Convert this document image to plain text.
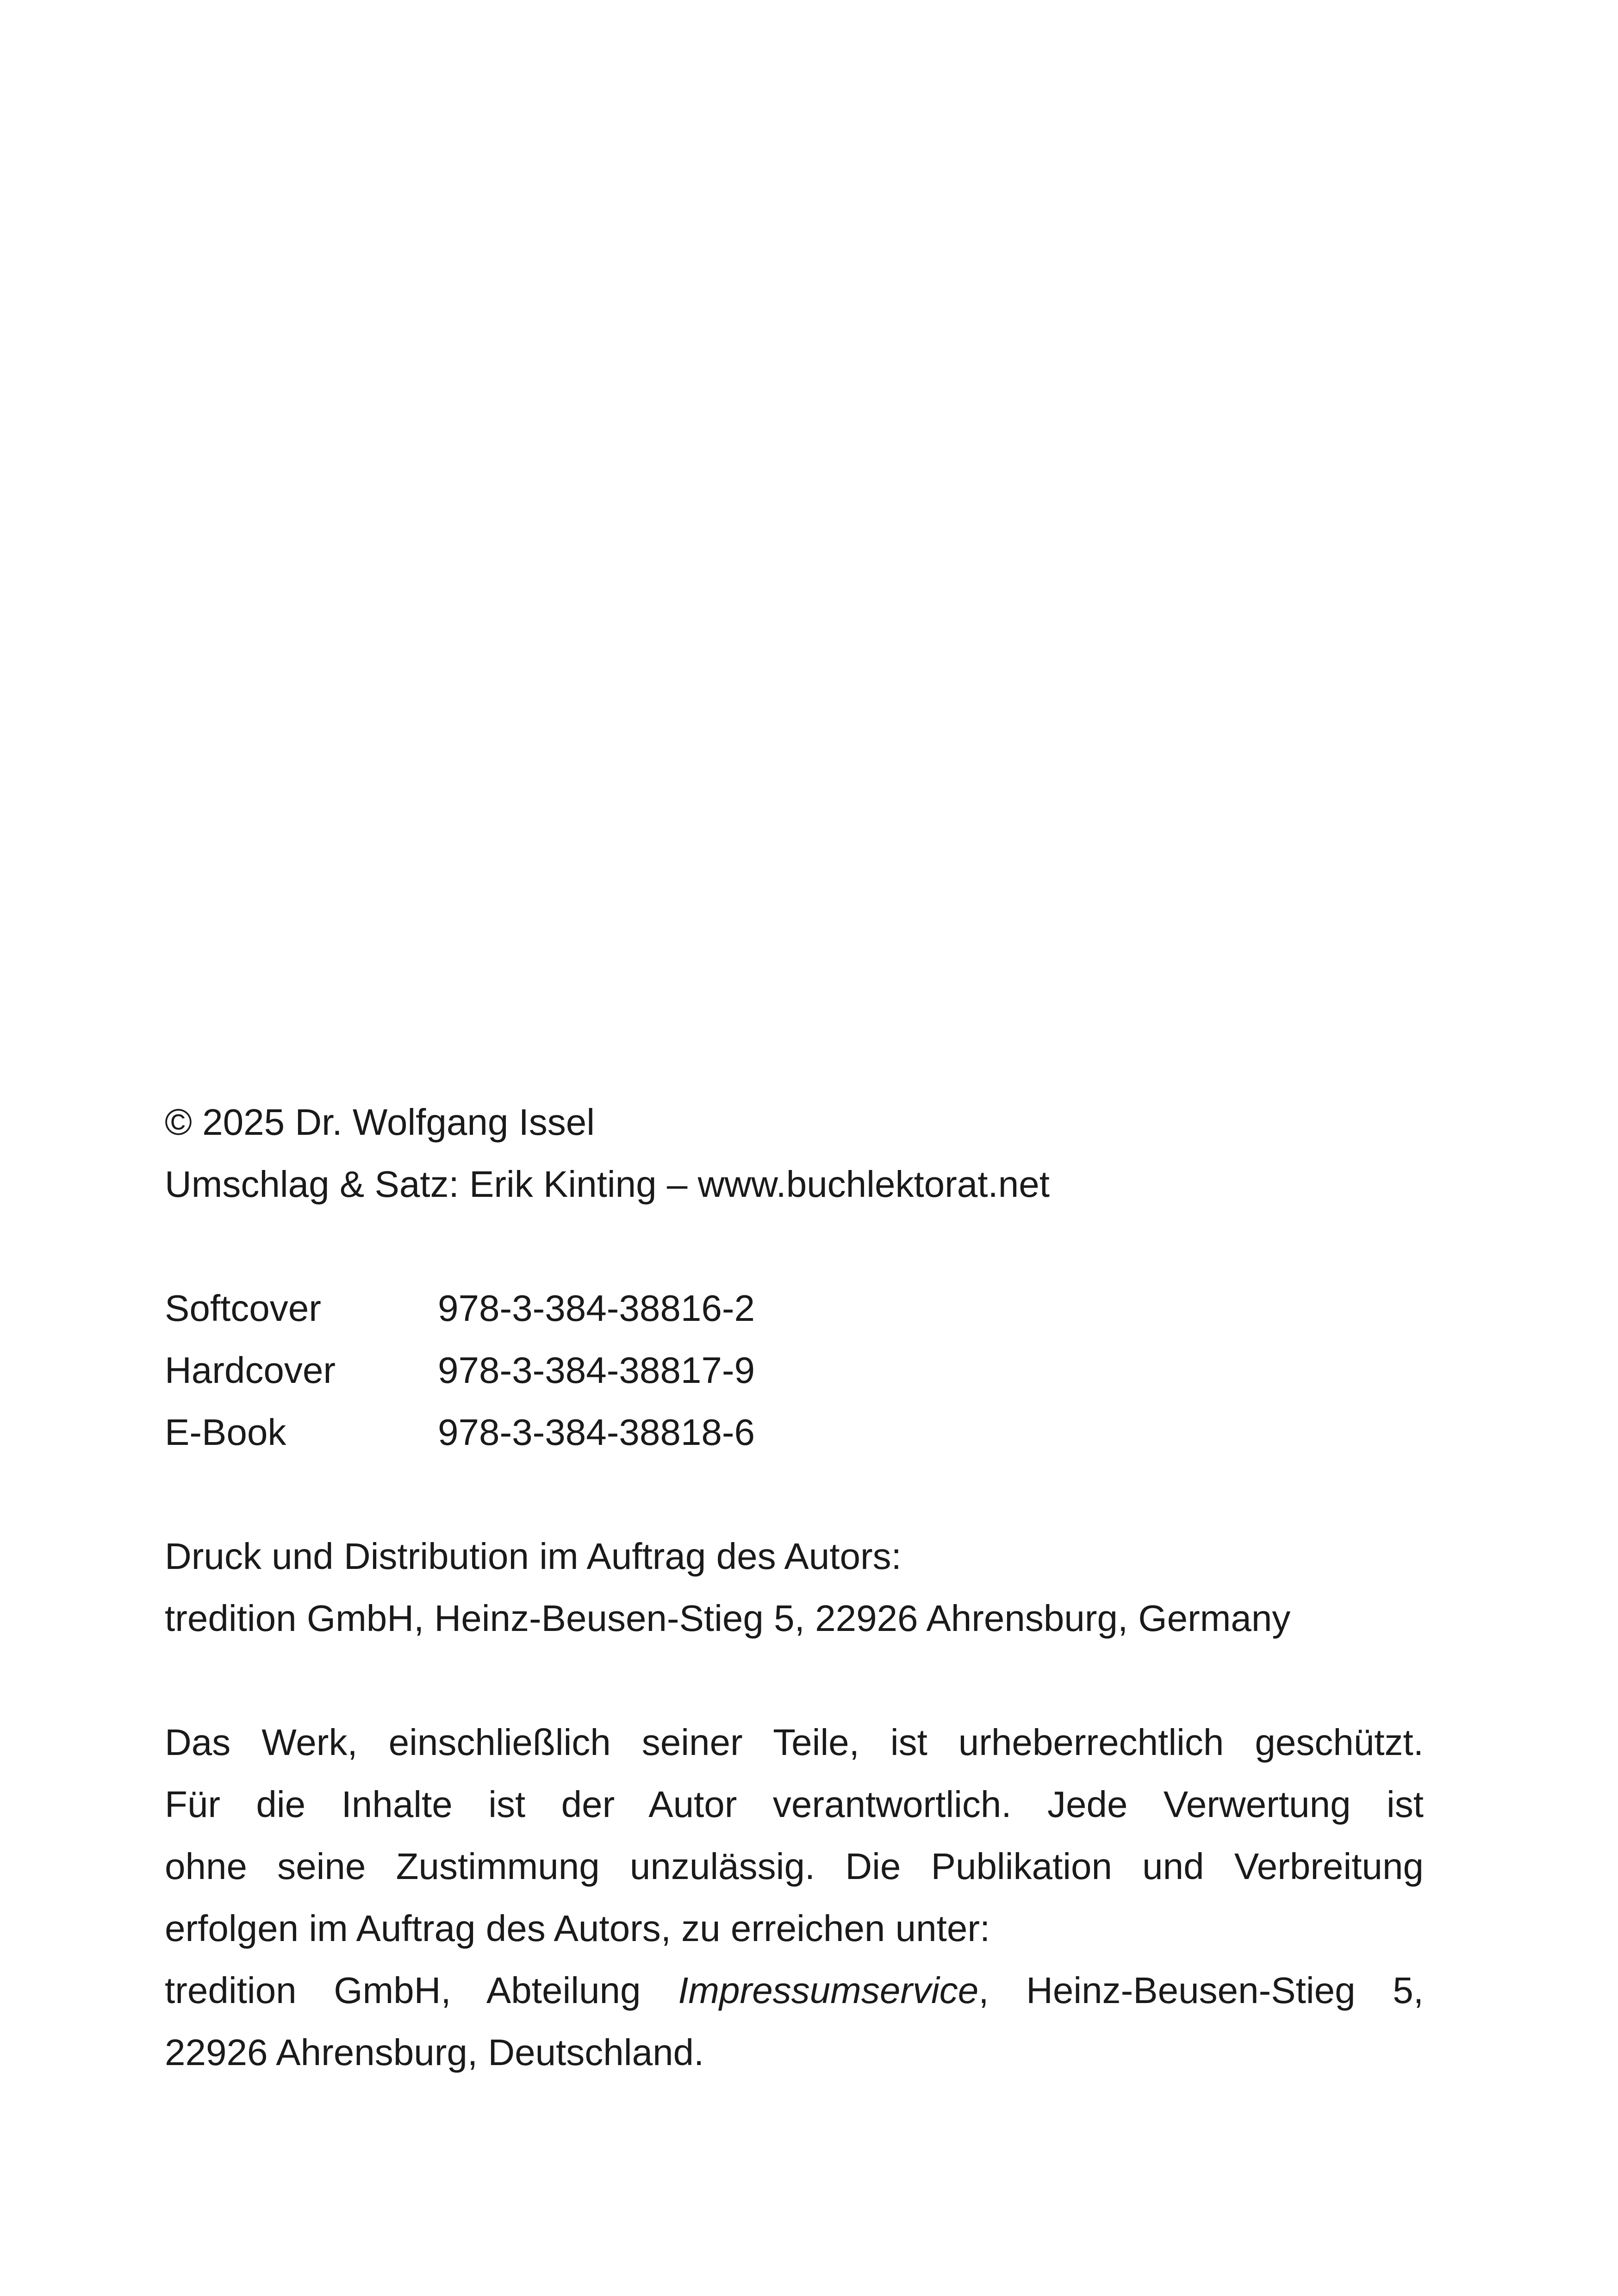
© 2025 Dr. Wolfgang Issel
Umschlag & Satz: Erik Kinting – www.buchlektorat.net
Softcover	978-3-384-38816-2
Hardcover	978-3-384-38817-9
E-Book	978-3-384-38818-6
Druck und Distribution im Auftrag des Autors:
tredition GmbH, Heinz-Beusen-Stieg 5, 22926 Ahrensburg, Germany
Das Werk, einschließlich seiner Teile, ist urheberrechtlich geschützt.
Für die Inhalte ist der Autor verantwortlich. Jede Verwertung ist
ohne seine Zustimmung unzulässig. Die Publikation und Verbreitung
erfolgen im Auftrag des Autors, zu erreichen unter:
tredition GmbH, Abteilung Impressumservice, Heinz-Beusen-Stieg 5,
22926 Ahrensburg, Deutschland.
